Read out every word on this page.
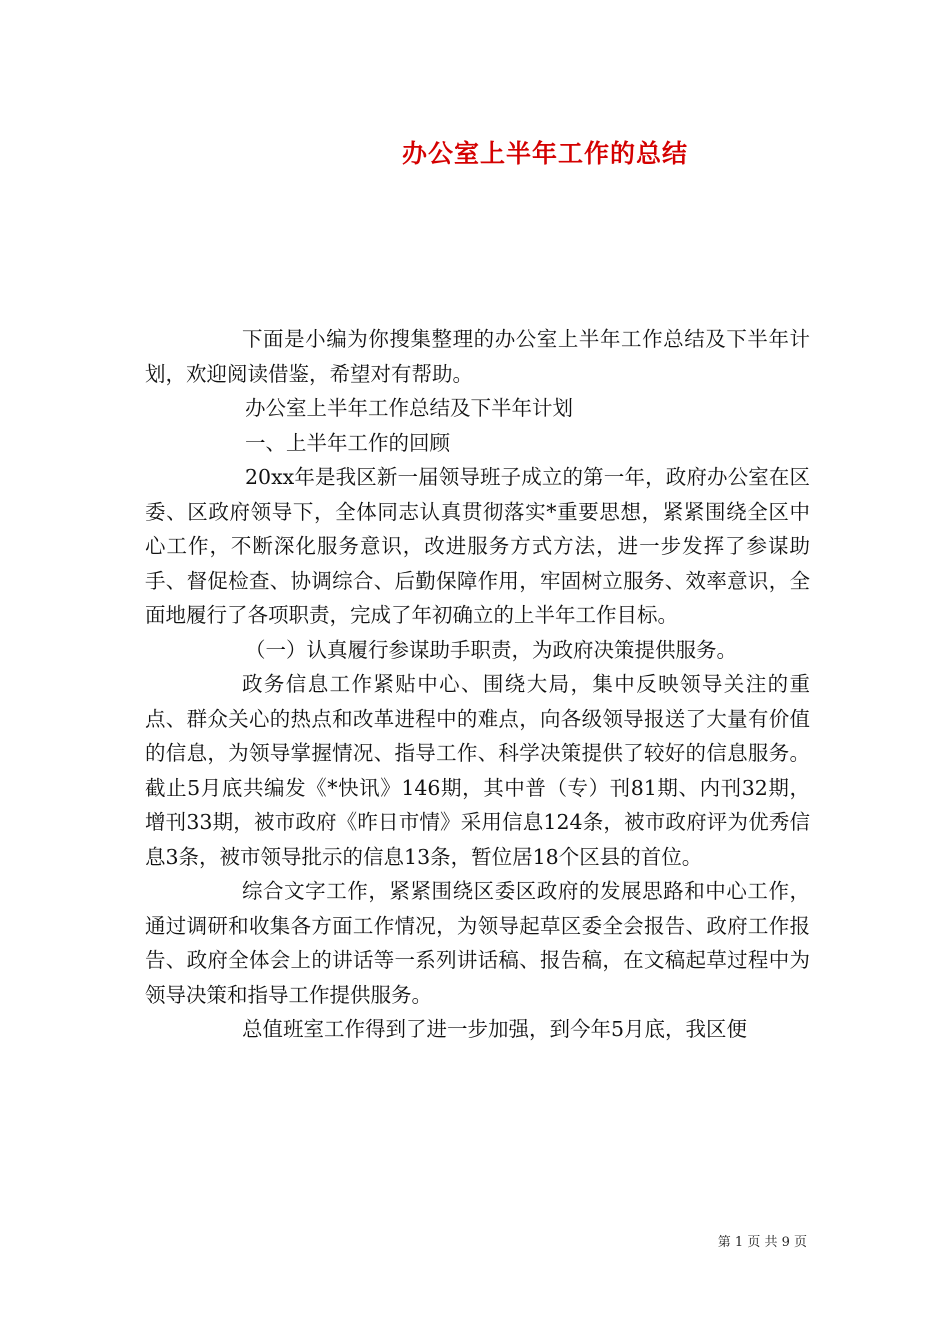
办公室上半年工作的总结

下面是小编为你搜集整理的办公室上半年工作总结及下半年计划，欢迎阅读借鉴，希望对有帮助。

办公室上半年工作总结及下半年计划

一、上半年工作的回顾

20xx年是我区新一届领导班子成立的第一年，政府办公室在区委、区政府领导下，全体同志认真贯彻落实*重要思想，紧紧围绕全区中心工作，不断深化服务意识，改进服务方式方法，进一步发挥了参谋助手、督促检查、协调综合、后勤保障作用，牢固树立服务、效率意识，全面地履行了各项职责，完成了年初确立的上半年工作目标。

（一）认真履行参谋助手职责，为政府决策提供服务。

政务信息工作紧贴中心、围绕大局，集中反映领导关注的重点、群众关心的热点和改革进程中的难点，向各级领导报送了大量有价值的信息，为领导掌握情况、指导工作、科学决策提供了较好的信息服务。截止5月底共编发《*快讯》146期，其中普（专）刊81期、内刊32期，增刊33期，被市政府《昨日市情》采用信息124条，被市政府评为优秀信息3条，被市领导批示的信息13条，暂位居18个区县的首位。

综合文字工作，紧紧围绕区委区政府的发展思路和中心工作，通过调研和收集各方面工作情况，为领导起草区委全会报告、政府工作报告、政府全体会上的讲话等一系列讲话稿、报告稿，在文稿起草过程中为领导决策和指导工作提供服务。

总值班室工作得到了进一步加强，到今年5月底，我区便

第 1 页 共 9 页
